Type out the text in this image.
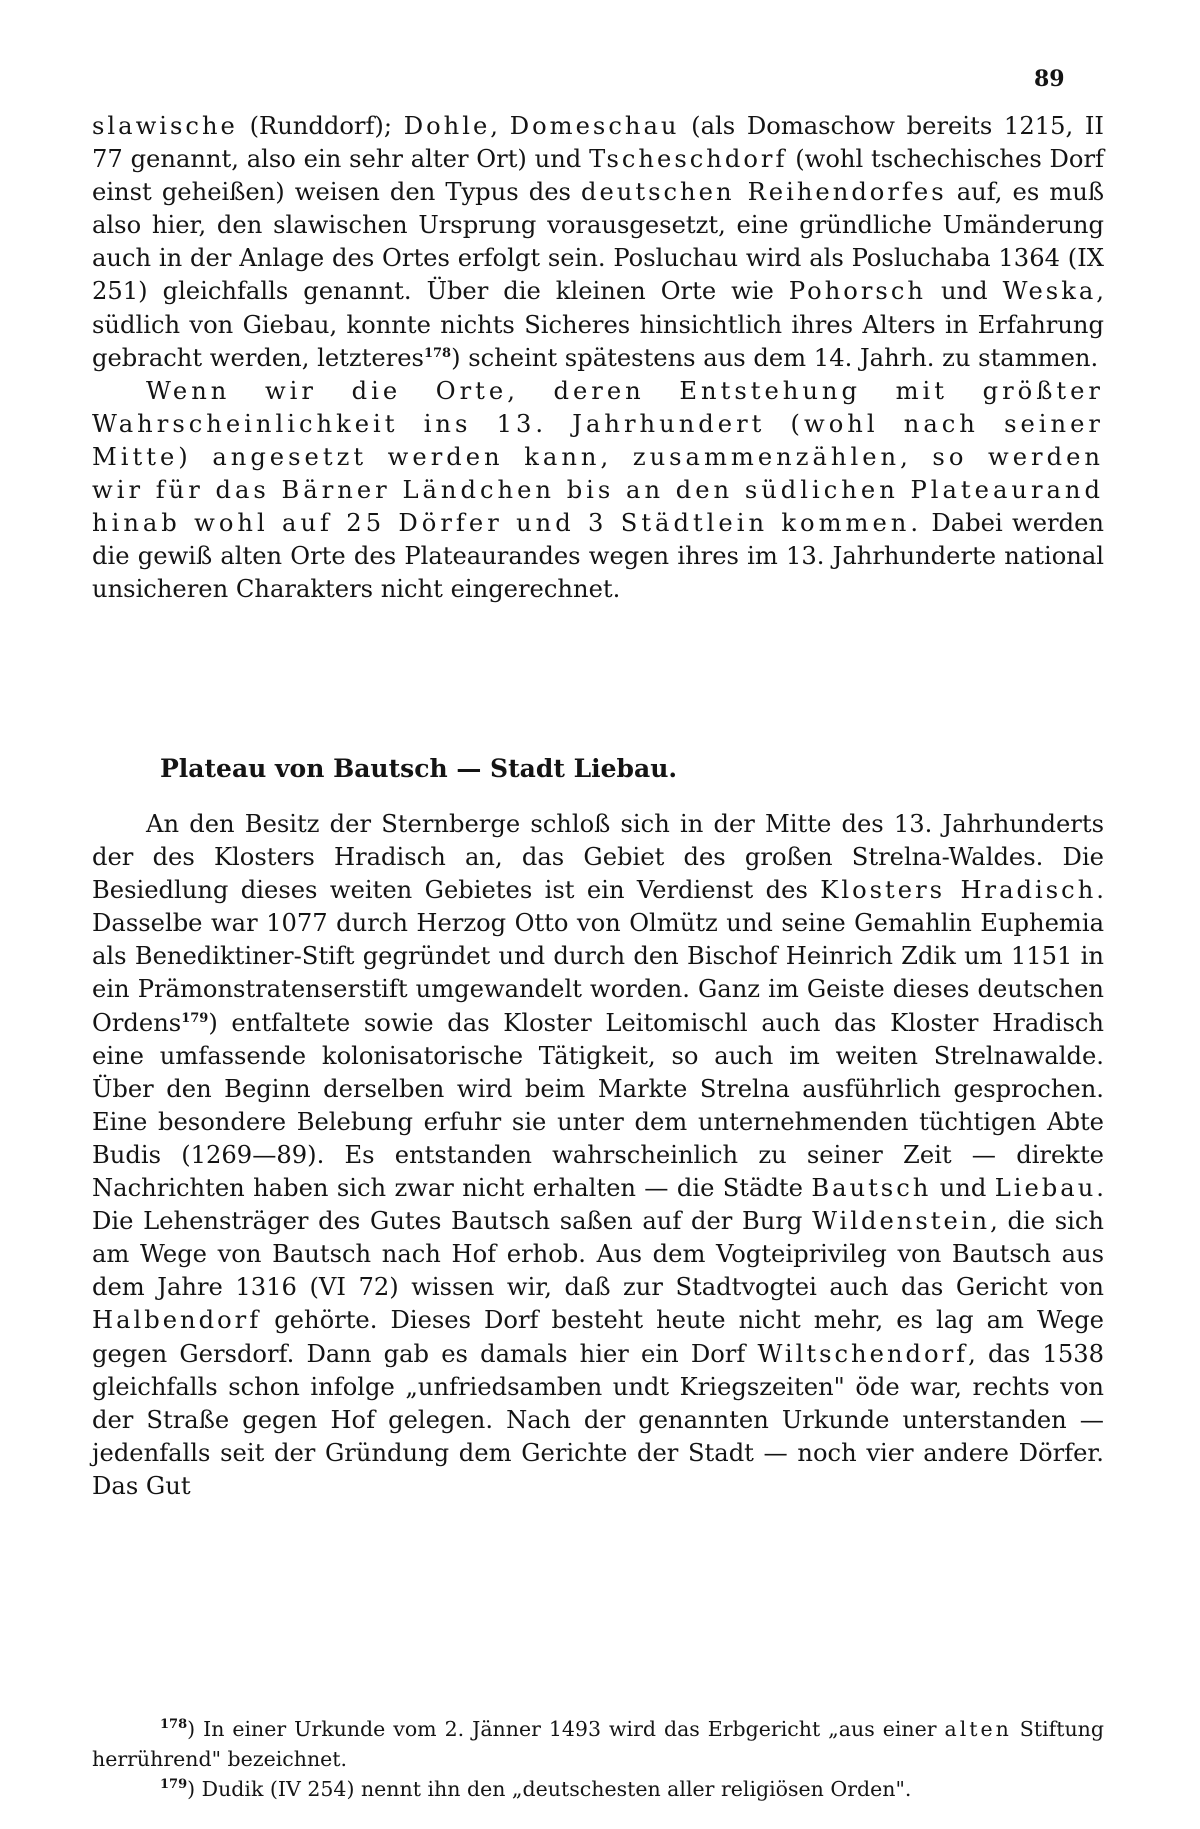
89

slawische (Runddorf); Dohle, Domeschau (als Domaschow bereits 1215, II 77 genannt, also ein sehr alter Ort) und Tscheschdorf (wohl tschechisches Dorf einst geheißen) weisen den Typus des deutschen Reihendorfes auf, es muß also hier, den slawischen Ursprung vorausgesetzt, eine gründliche Umänderung auch in der Anlage des Ortes erfolgt sein. Posluchau wird als Posluchaba 1364 (IX 251) gleichfalls genannt. Über die kleinen Orte wie Pohorsch und Weska, südlich von Giebau, konnte nichts Sicheres hinsichtlich ihres Alters in Erfahrung gebracht werden, letzteres$^{178}$) scheint spätestens aus dem 14. Jahrh. zu stammen.

Wenn wir die Orte, deren Entstehung mit größter Wahrscheinlichkeit ins 13. Jahrhundert (wohl nach seiner Mitte) angesetzt werden kann, zusammenzählen, so werden wir für das Bärner Ländchen bis an den südlichen Plateaurand hinab wohl auf 25 Dörfer und 3 Städtlein kommen. Dabei werden die gewiß alten Orte des Plateaurandes wegen ihres im 13. Jahrhunderte national unsicheren Charakters nicht eingerechnet.

Plateau von Bautsch — Stadt Liebau.

An den Besitz der Sternberge schloß sich in der Mitte des 13. Jahrhunderts der des Klosters Hradisch an, das Gebiet des großen Strelna-Waldes. Die Besiedlung dieses weiten Gebietes ist ein Verdienst des Klosters Hradisch. Dasselbe war 1077 durch Herzog Otto von Olmütz und seine Gemahlin Euphemia als Benediktiner-Stift gegründet und durch den Bischof Heinrich Zdik um 1151 in ein Prämonstratenserstift umgewandelt worden. Ganz im Geiste dieses deutschen Ordens$^{179}$) entfaltete sowie das Kloster Leitomischl auch das Kloster Hradisch eine umfassende kolonisatorische Tätigkeit, so auch im weiten Strelnawalde. Über den Beginn derselben wird beim Markte Strelna ausführlich gesprochen. Eine besondere Belebung erfuhr sie unter dem unternehmenden tüchtigen Abte Budis (1269—89). Es entstanden wahrscheinlich zu seiner Zeit — direkte Nachrichten haben sich zwar nicht erhalten — die Städte Bautsch und Liebau. Die Lehensträger des Gutes Bautsch saßen auf der Burg Wildenstein, die sich am Wege von Bautsch nach Hof erhob. Aus dem Vogteiprivileg von Bautsch aus dem Jahre 1316 (VI 72) wissen wir, daß zur Stadtvogtei auch das Gericht von Halbendorf gehörte. Dieses Dorf besteht heute nicht mehr, es lag am Wege gegen Gersdorf. Dann gab es damals hier ein Dorf Wiltschendorf, das 1538 gleichfalls schon infolge „unfriedsamben undt Kriegszeiten" öde war, rechts von der Straße gegen Hof gelegen. Nach der genannten Urkunde unterstanden — jedenfalls seit der Gründung dem Gerichte der Stadt — noch vier andere Dörfer. Das Gut

$^{178}$) In einer Urkunde vom 2. Jänner 1493 wird das Erbgericht „aus einer alten Stiftung herrührend" bezeichnet.

$^{179}$) Dudik (IV 254) nennt ihn den „deutschesten aller religiösen Orden".
